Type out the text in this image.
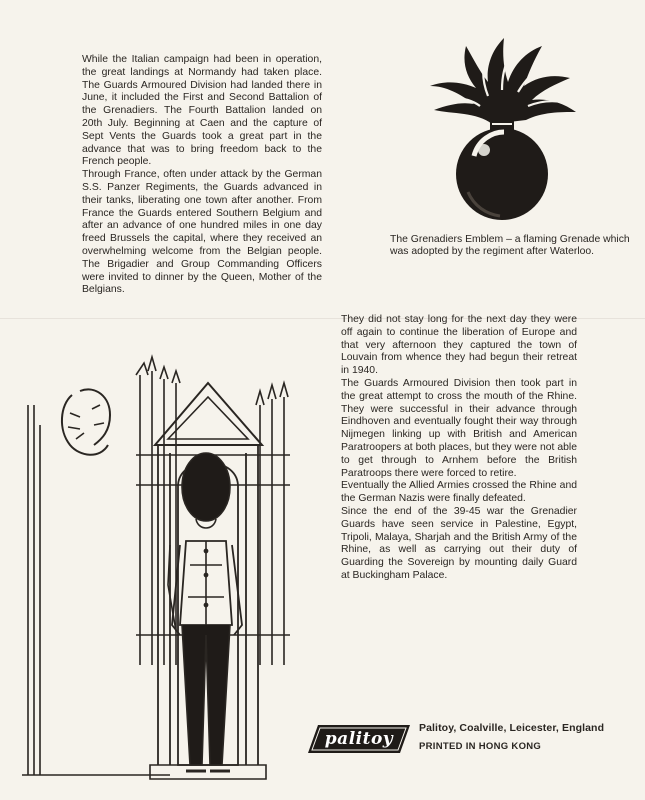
While the Italian campaign had been in operation, the great landings at Normandy had taken place. The Guards Armoured Division had landed there in June, it included the First and Second Battalion of the Grenadiers. The Fourth Battalion landed on 20th July. Beginning at Caen and the capture of Sept Vents the Guards took a great part in the advance that was to bring freedom back to the French people.

Through France, often under attack by the German S.S. Panzer Regiments, the Guards advanced in their tanks, liberating one town after another. From France the Guards entered Southern Belgium and after an advance of one hundred miles in one day freed Brussels the capital, where they received an overwhelming welcome from the Belgian people. The Brigadier and Group Commanding Officers were invited to dinner by the Queen, Mother of the Belgians.

The Grenadiers Emblem – a flaming Grenade which was adopted by the regiment after Waterloo.

They did not stay long for the next day they were off again to continue the liberation of Europe and that very afternoon they captured the town of Louvain from whence they had begun their retreat in 1940.

The Guards Armoured Division then took part in the great attempt to cross the mouth of the Rhine. They were successful in their advance through Eindhoven and eventually fought their way through Nijmegen linking up with British and American Paratroopers at both places, but they were not able to get through to Arnhem before the British Paratroops there were forced to retire.

Eventually the Allied Armies crossed the Rhine and the German Nazis were finally defeated.

Since the end of the 39-45 war the Grenadier Guards have seen service in Palestine, Egypt, Tripoli, Malaya, Sharjah and the British Army of the Rhine, as well as carrying out their duty of Guarding the Sovereign by mounting daily Guard at Buckingham Palace.

palitoy
Palitoy, Coalville, Leicester, England
PRINTED IN HONG KONG
